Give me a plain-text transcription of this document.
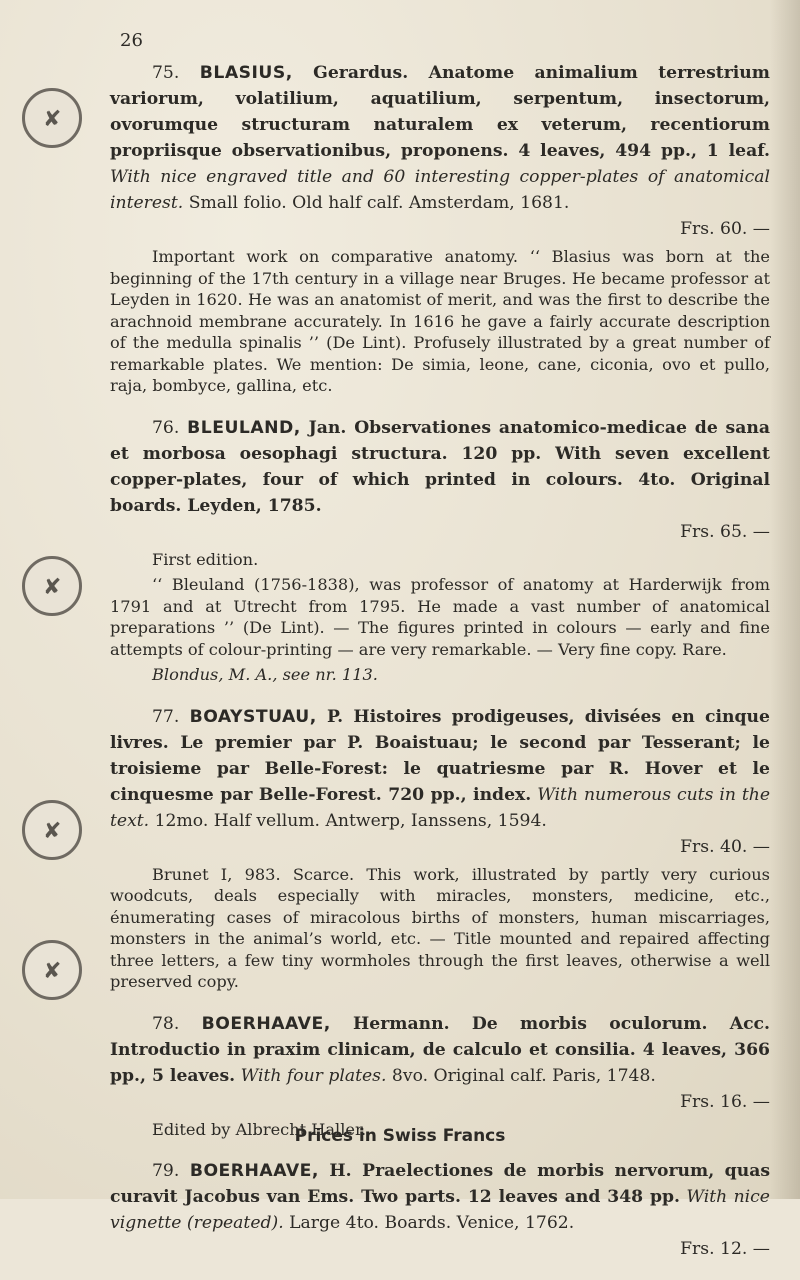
✘
✘
✘
✘
26
75. BLASIUS, Gerardus. Anatome animalium terrestrium variorum, volatilium, aquatilium, serpentum, insectorum, ovorumque structuram naturalem ex veterum, recentiorum propriisque observationibus, proponens. 4 leaves, 494 pp., 1 leaf. With nice engraved title and 60 interesting copper-plates of anatomical interest. Small folio. Old half calf. Amsterdam, 1681.
Frs. 60. —

Important work on comparative anatomy. ‘‘ Blasius was born at the beginning of the 17th century in a village near Bruges. He became professor at Leyden in 1620. He was an anatomist of merit, and was the first to describe the arachnoid membrane accurately. In 1616 he gave a fairly accurate description of the medulla spinalis ’’ (De Lint). Profusely illustrated by a great number of remarkable plates. We mention: De simia, leone, cane, ciconia, ovo et pullo, raja, bombyce, gallina, etc.

76. BLEULAND, Jan. Observationes anatomico-medicae de sana et morbosa oesophagi structura. 120 pp. With seven excellent copper-plates, four of which printed in colours. 4to. Original boards. Leyden, 1785.
Frs. 65. —

First edition.

‘‘ Bleuland (1756-1838), was professor of anatomy at Harderwijk from 1791 and at Utrecht from 1795. He made a vast number of anatomical preparations ’’ (De Lint). — The figures printed in colours — early and fine attempts of colour-printing — are very remarkable. — Very fine copy. Rare.

Blondus, M. A., see nr. 113.

77. BOAYSTUAU, P. Histoires prodigeuses, divisées en cinque livres. Le premier par P. Boaistuau; le second par Tesserant; le troisieme par Belle-Forest: le quatriesme par R. Hover et le cinquesme par Belle-Forest. 720 pp., index. With numerous cuts in the text. 12mo. Half vellum. Antwerp, Ianssens, 1594.
Frs. 40. —

Brunet I, 983. Scarce. This work, illustrated by partly very curious woodcuts, deals especially with miracles, monsters, medicine, etc., énumerating cases of miracolous births of monsters, human miscarriages, monsters in the animal’s world, etc. — Title mounted and repaired affecting three letters, a few tiny wormholes through the first leaves, otherwise a well preserved copy.

78. BOERHAAVE, Hermann. De morbis oculorum. Acc. Introductio in praxim clinicam, de calculo et consilia. 4 leaves, 366 pp., 5 leaves. With four plates. 8vo. Original calf. Paris, 1748.
Frs. 16. —

Edited by Albrecht Haller.

79. BOERHAAVE, H. Praelectiones de morbis nervorum, quas curavit Jacobus van Ems. Two parts. 12 leaves and 348 pp. With nice vignette (repeated). Large 4to. Boards. Venice, 1762.
Frs. 12. —
Prices in Swiss Francs
